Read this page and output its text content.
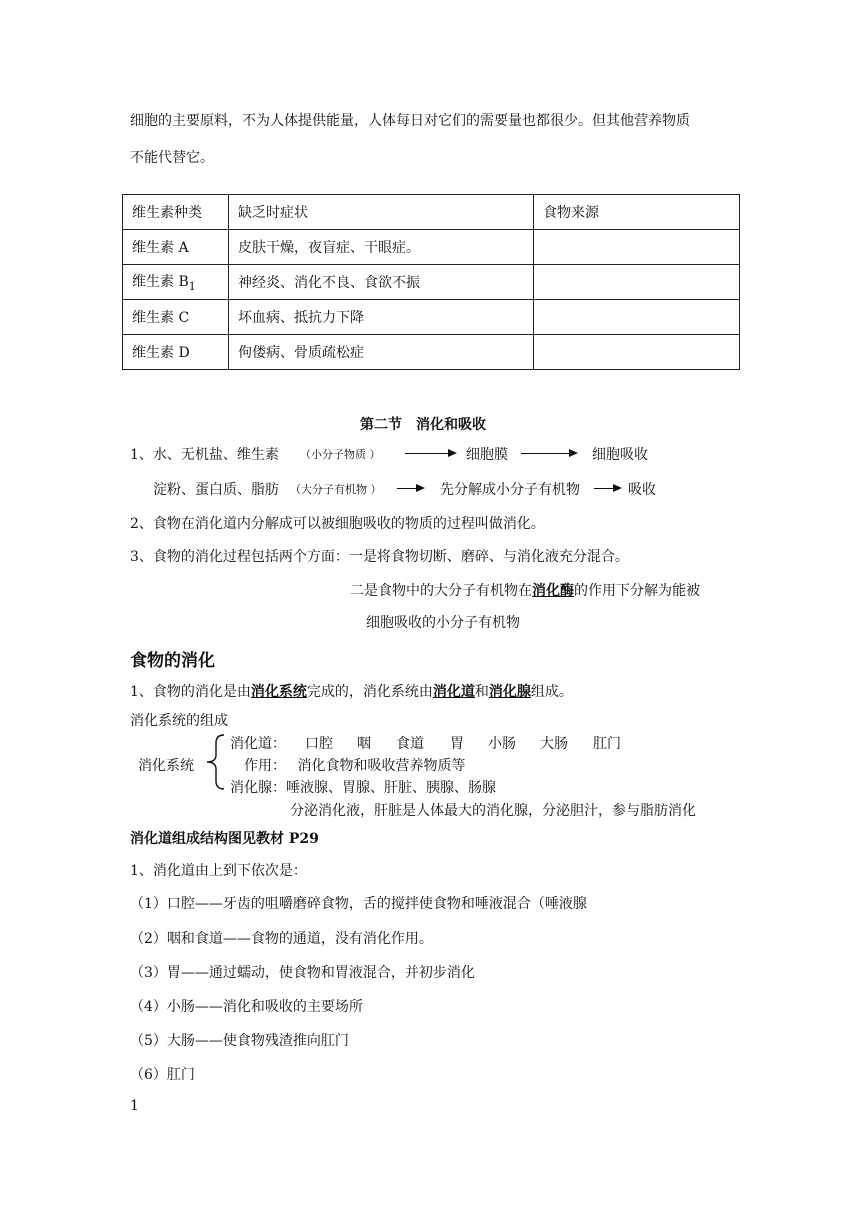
细胞的主要原料，不为人体提供能量，人体每日对它们的需要量也都很少。但其他营养物质
不能代替它。
维生素种类	缺乏时症状	食物来源
维生素 A	皮肤干燥，夜盲症、干眼症。	
维生素 $B_1$	神经炎、消化不良、食欲不振	
维生素 C	坏血病、抵抗力下降	
维生素 D	佝偻病、骨质疏松症	
第二节　消化和吸收
1、水、无机盐、维生素 （小分子物质 ）	细胞膜	细胞吸收
淀粉、蛋白质、脂肪 （大分子有机物 ）	先分解成小分子有机物	吸收
2、食物在消化道内分解成可以被细胞吸收的物质的过程叫做消化。
3、食物的消化过程包括两个方面：一是将食物切断、磨碎、与消化液充分混合。
二是食物中的大分子有机物在消化酶的作用下分解为能被
细胞吸收的小分子有机物
食物的消化
1、食物的消化是由消化系统完成的，消化系统由消化道和消化腺组成。
消化系统的组成
消化系统
消化道： 口腔 咽 食道 胃 小肠 大肠 肛门
作用：　 消化食物和吸收营养物质等
消化腺：唾液腺、胃腺、肝脏、胰腺、肠腺
分泌消化液，肝脏是人体最大的消化腺，分泌胆汁，参与脂肪消化
消化道组成结构图见教材 P29
1、消化道由上到下依次是：
（1）口腔——牙齿的咀嚼磨碎食物，舌的搅拌使食物和唾液混合（唾液腺
（2）咽和食道——食物的通道，没有消化作用。
（3）胃——通过蠕动，使食物和胃液混合，并初步消化
（4）小肠——消化和吸收的主要场所
（5）大肠——使食物残渣推向肛门
（6）肛门
1
